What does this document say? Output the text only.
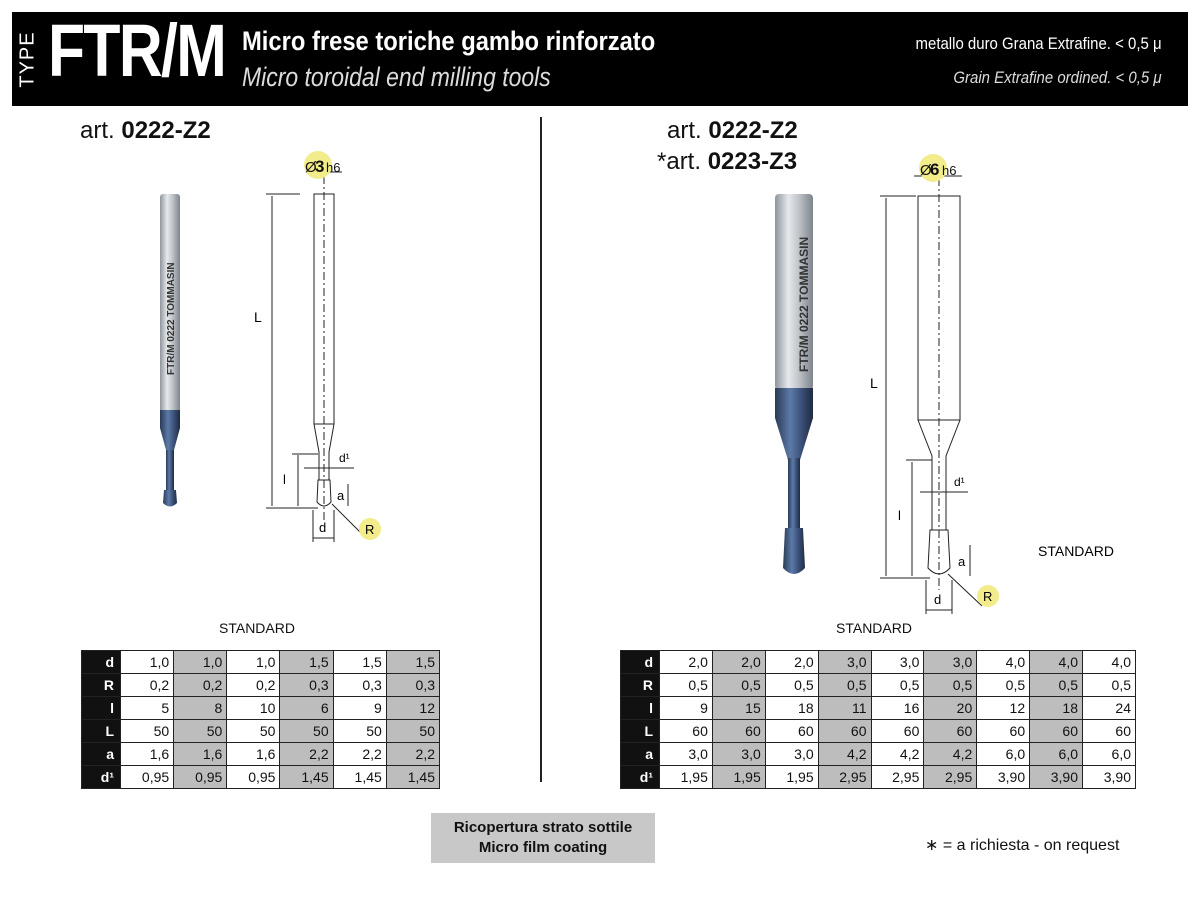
TYPE FTR/M Micro frese toriche gambo rinforzato
Micro toroidal end milling tools
metallo duro Grana Extrafine. < 0,5 μ
Grain Extrafine ordined. < 0,5 μ
art. 0222-Z2	art. 0222-Z2
*art. 0223-Z3
FTR/M 0222 TOMMASIN
Ø
3 h6
L
l
d¹
a
d	R
FTR/M 0222 TOMMASIN
Ø
6 h6
L
l
d¹
a
d	R
STANDARD
STANDARD	STANDARD
d	1,0	1,0	1,0	1,5	1,5	1,5
R	0,2	0,2	0,2	0,3	0,3	0,3
l	5	8	10	6	9	12
L	50	50	50	50	50	50
a	1,6	1,6	1,6	2,2	2,2	2,2
d¹	0,95	0,95	0,95	1,45	1,45	1,45
d	2,0	2,0	2,0	3,0	3,0	3,0	4,0	4,0	4,0
R	0,5	0,5	0,5	0,5	0,5	0,5	0,5	0,5	0,5
l	9	15	18	11	16	20	12	18	24
L	60	60	60	60	60	60	60	60	60
a	3,0	3,0	3,0	4,2	4,2	4,2	6,0	6,0	6,0
d¹	1,95	1,95	1,95	2,95	2,95	2,95	3,90	3,90	3,90
Ricopertura strato sottile
Micro film coating	∗ = a richiesta - on request
